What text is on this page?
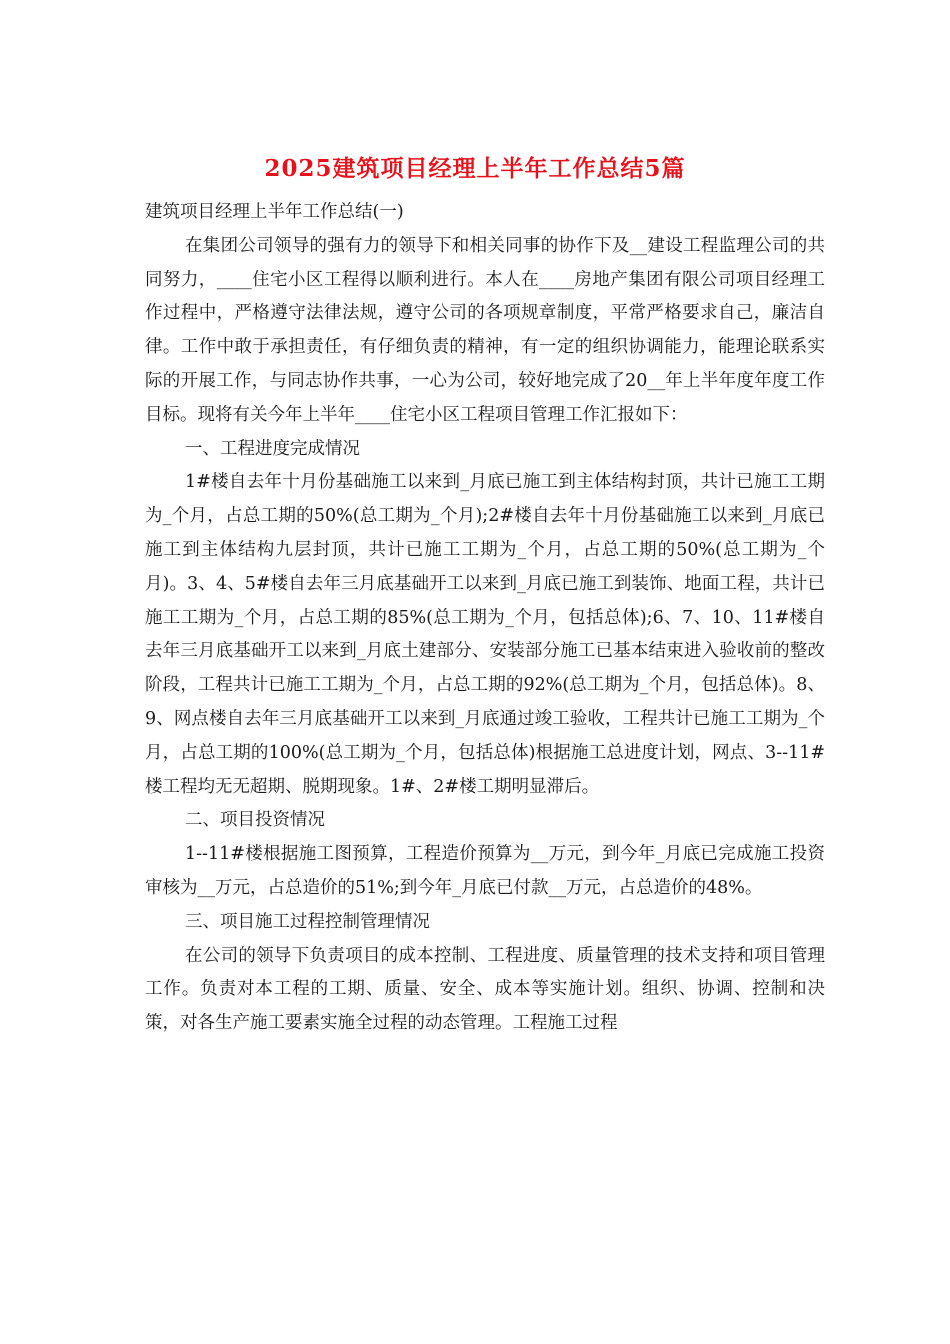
2025建筑项目经理上半年工作总结5篇

建筑项目经理上半年工作总结(一)

在集团公司领导的强有力的领导下和相关同事的协作下及__建设工程监理公司的共同努力，____住宅小区工程得以顺利进行。本人在____房地产集团有限公司项目经理工作过程中，严格遵守法律法规，遵守公司的各项规章制度，平常严格要求自己，廉洁自律。工作中敢于承担责任，有仔细负责的精神，有一定的组织协调能力，能理论联系实际的开展工作，与同志协作共事，一心为公司，较好地完成了20__年上半年度年度工作目标。现将有关今年上半年____住宅小区工程项目管理工作汇报如下：

一、工程进度完成情况

1#楼自去年十月份基础施工以来到_月底已施工到主体结构封顶，共计已施工工期为_个月，占总工期的50%(总工期为_个月);2#楼自去年十月份基础施工以来到_月底已施工到主体结构九层封顶，共计已施工工期为_个月，占总工期的50%(总工期为_个月)。3、4、5#楼自去年三月底基础开工以来到_月底已施工到装饰、地面工程，共计已施工工期为_个月，占总工期的85%(总工期为_个月，包括总体);6、7、10、11#楼自去年三月底基础开工以来到_月底土建部分、安装部分施工已基本结束进入验收前的整改阶段，工程共计已施工工期为_个月，占总工期的92%(总工期为_个月，包括总体)。8、9、网点楼自去年三月底基础开工以来到_月底通过竣工验收，工程共计已施工工期为_个月，占总工期的100%(总工期为_个月，包括总体)根据施工总进度计划，网点、3--11#楼工程均无无超期、脱期现象。1#、2#楼工期明显滞后。

二、项目投资情况

1--11#楼根据施工图预算，工程造价预算为__万元，到今年_月底已完成施工投资审核为__万元，占总造价的51%;到今年_月底已付款__万元，占总造价的48%。

三、项目施工过程控制管理情况

在公司的领导下负责项目的成本控制、工程进度、质量管理的技术支持和项目管理工作。负责对本工程的工期、质量、安全、成本等实施计划。组织、协调、控制和决策，对各生产施工要素实施全过程的动态管理。工程施工过程
